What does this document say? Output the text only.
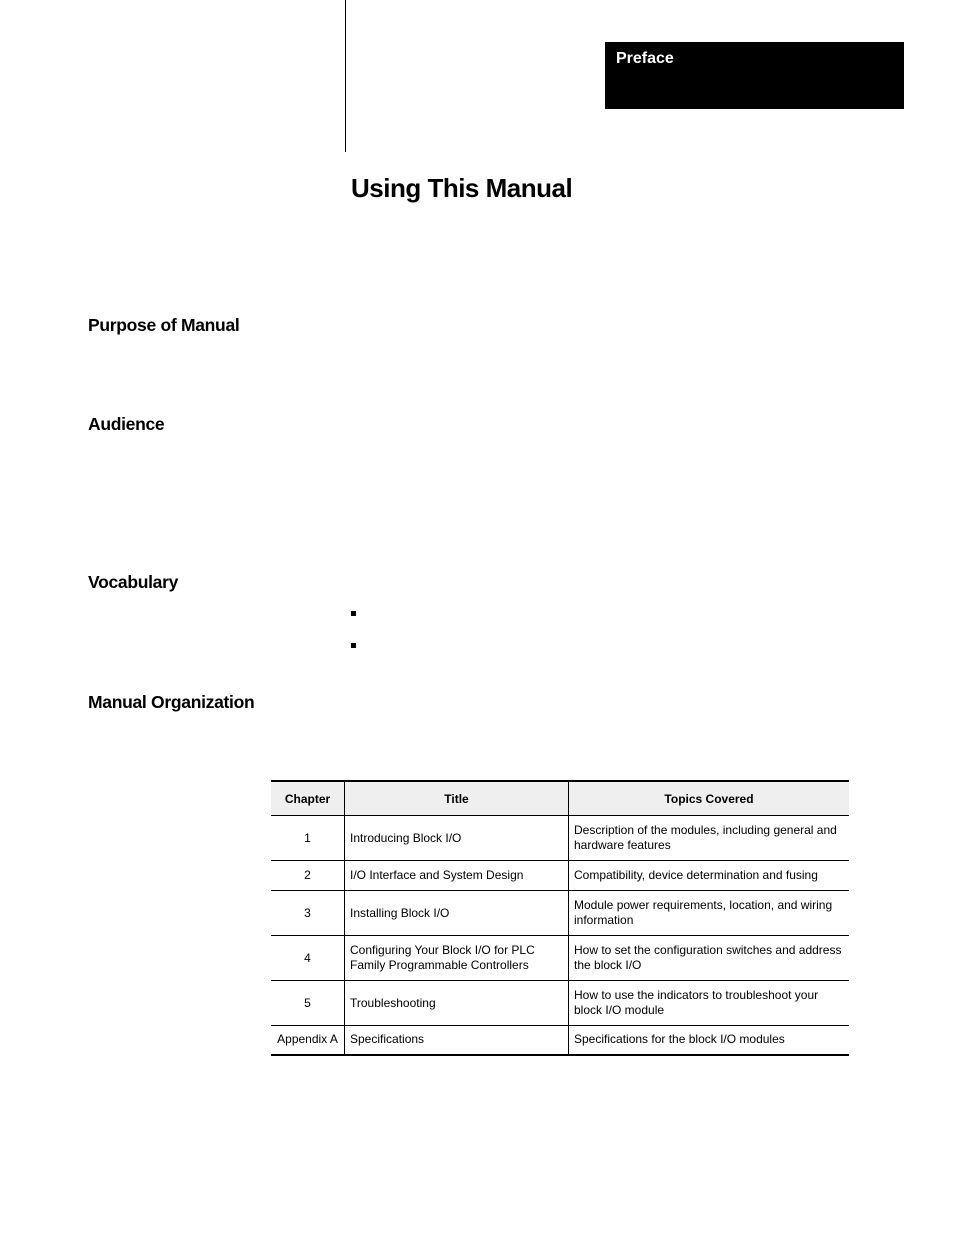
Preface
Using This Manual
Purpose of Manual
Audience
Vocabulary
Manual Organization
Chapter	Title	Topics Covered
1	Introducing Block I/O	Description of the modules, including general and hardware features
2	I/O Interface and System Design	Compatibility, device determination and fusing
3	Installing Block I/O	Module power requirements, location, and wiring information
4	Configuring Your Block I/O for PLC Family Programmable Controllers	How to set the configuration switches and address the block I/O
5	Troubleshooting	How to use the indicators to troubleshoot your block I/O module
Appendix A	Specifications	Specifications for the block I/O modules
